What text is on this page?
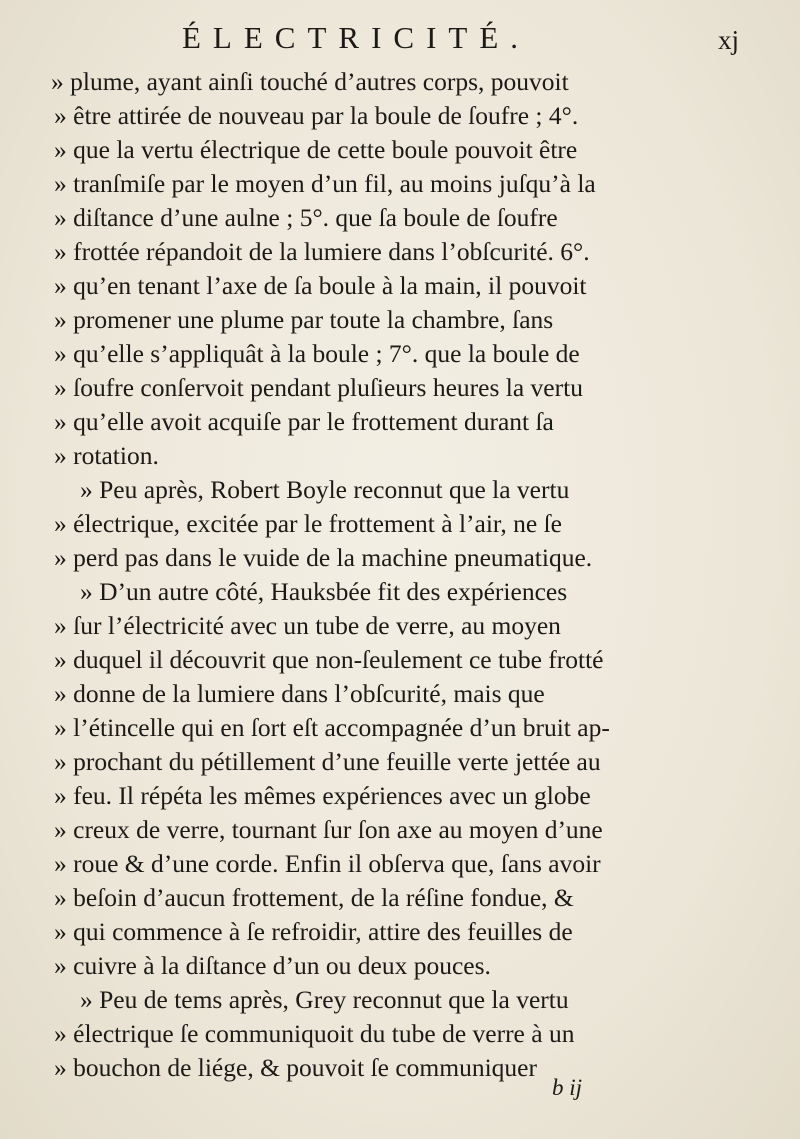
ÉLECTRICITÉ.	xj
» plume, ayant ainſi touché d’autres corps, pouvoit
» être attirée de nouveau par la boule de ſoufre ; 4°.
» que la vertu électrique de cette boule pouvoit être
» tranſmiſe par le moyen d’un fil, au moins juſqu’à la
» diſtance d’une aulne ; 5°. que ſa boule de ſoufre
» frottée répandoit de la lumiere dans l’obſcurité. 6°.
» qu’en tenant l’axe de ſa boule à la main, il pouvoit
» promener une plume par toute la chambre, ſans
» qu’elle s’appliquât à la boule ; 7°. que la boule de
» ſoufre conſervoit pendant pluſieurs heures la vertu
» qu’elle avoit acquiſe par le frottement durant ſa
» rotation.
» Peu après, Robert Boyle reconnut que la vertu
» électrique, excitée par le frottement à l’air, ne ſe
» perd pas dans le vuide de la machine pneumatique.
» D’un autre côté, Hauksbée fit des expériences
» ſur l’électricité avec un tube de verre, au moyen
» duquel il découvrit que non-ſeulement ce tube frotté
» donne de la lumiere dans l’obſcurité, mais que
» l’étincelle qui en ſort eſt accompagnée d’un bruit ap-
» prochant du pétillement d’une feuille verte jettée au
» feu. Il répéta les mêmes expériences avec un globe
» creux de verre, tournant ſur ſon axe au moyen d’une
» roue & d’une corde. Enfin il obſerva que, ſans avoir
» beſoin d’aucun frottement, de la réſine fondue, &
» qui commence à ſe refroidir, attire des feuilles de
» cuivre à la diſtance d’un ou deux pouces.
» Peu de tems après, Grey reconnut que la vertu
» électrique ſe communiquoit du tube de verre à un
» bouchon de liége, & pouvoit ſe communiquer
b ij
